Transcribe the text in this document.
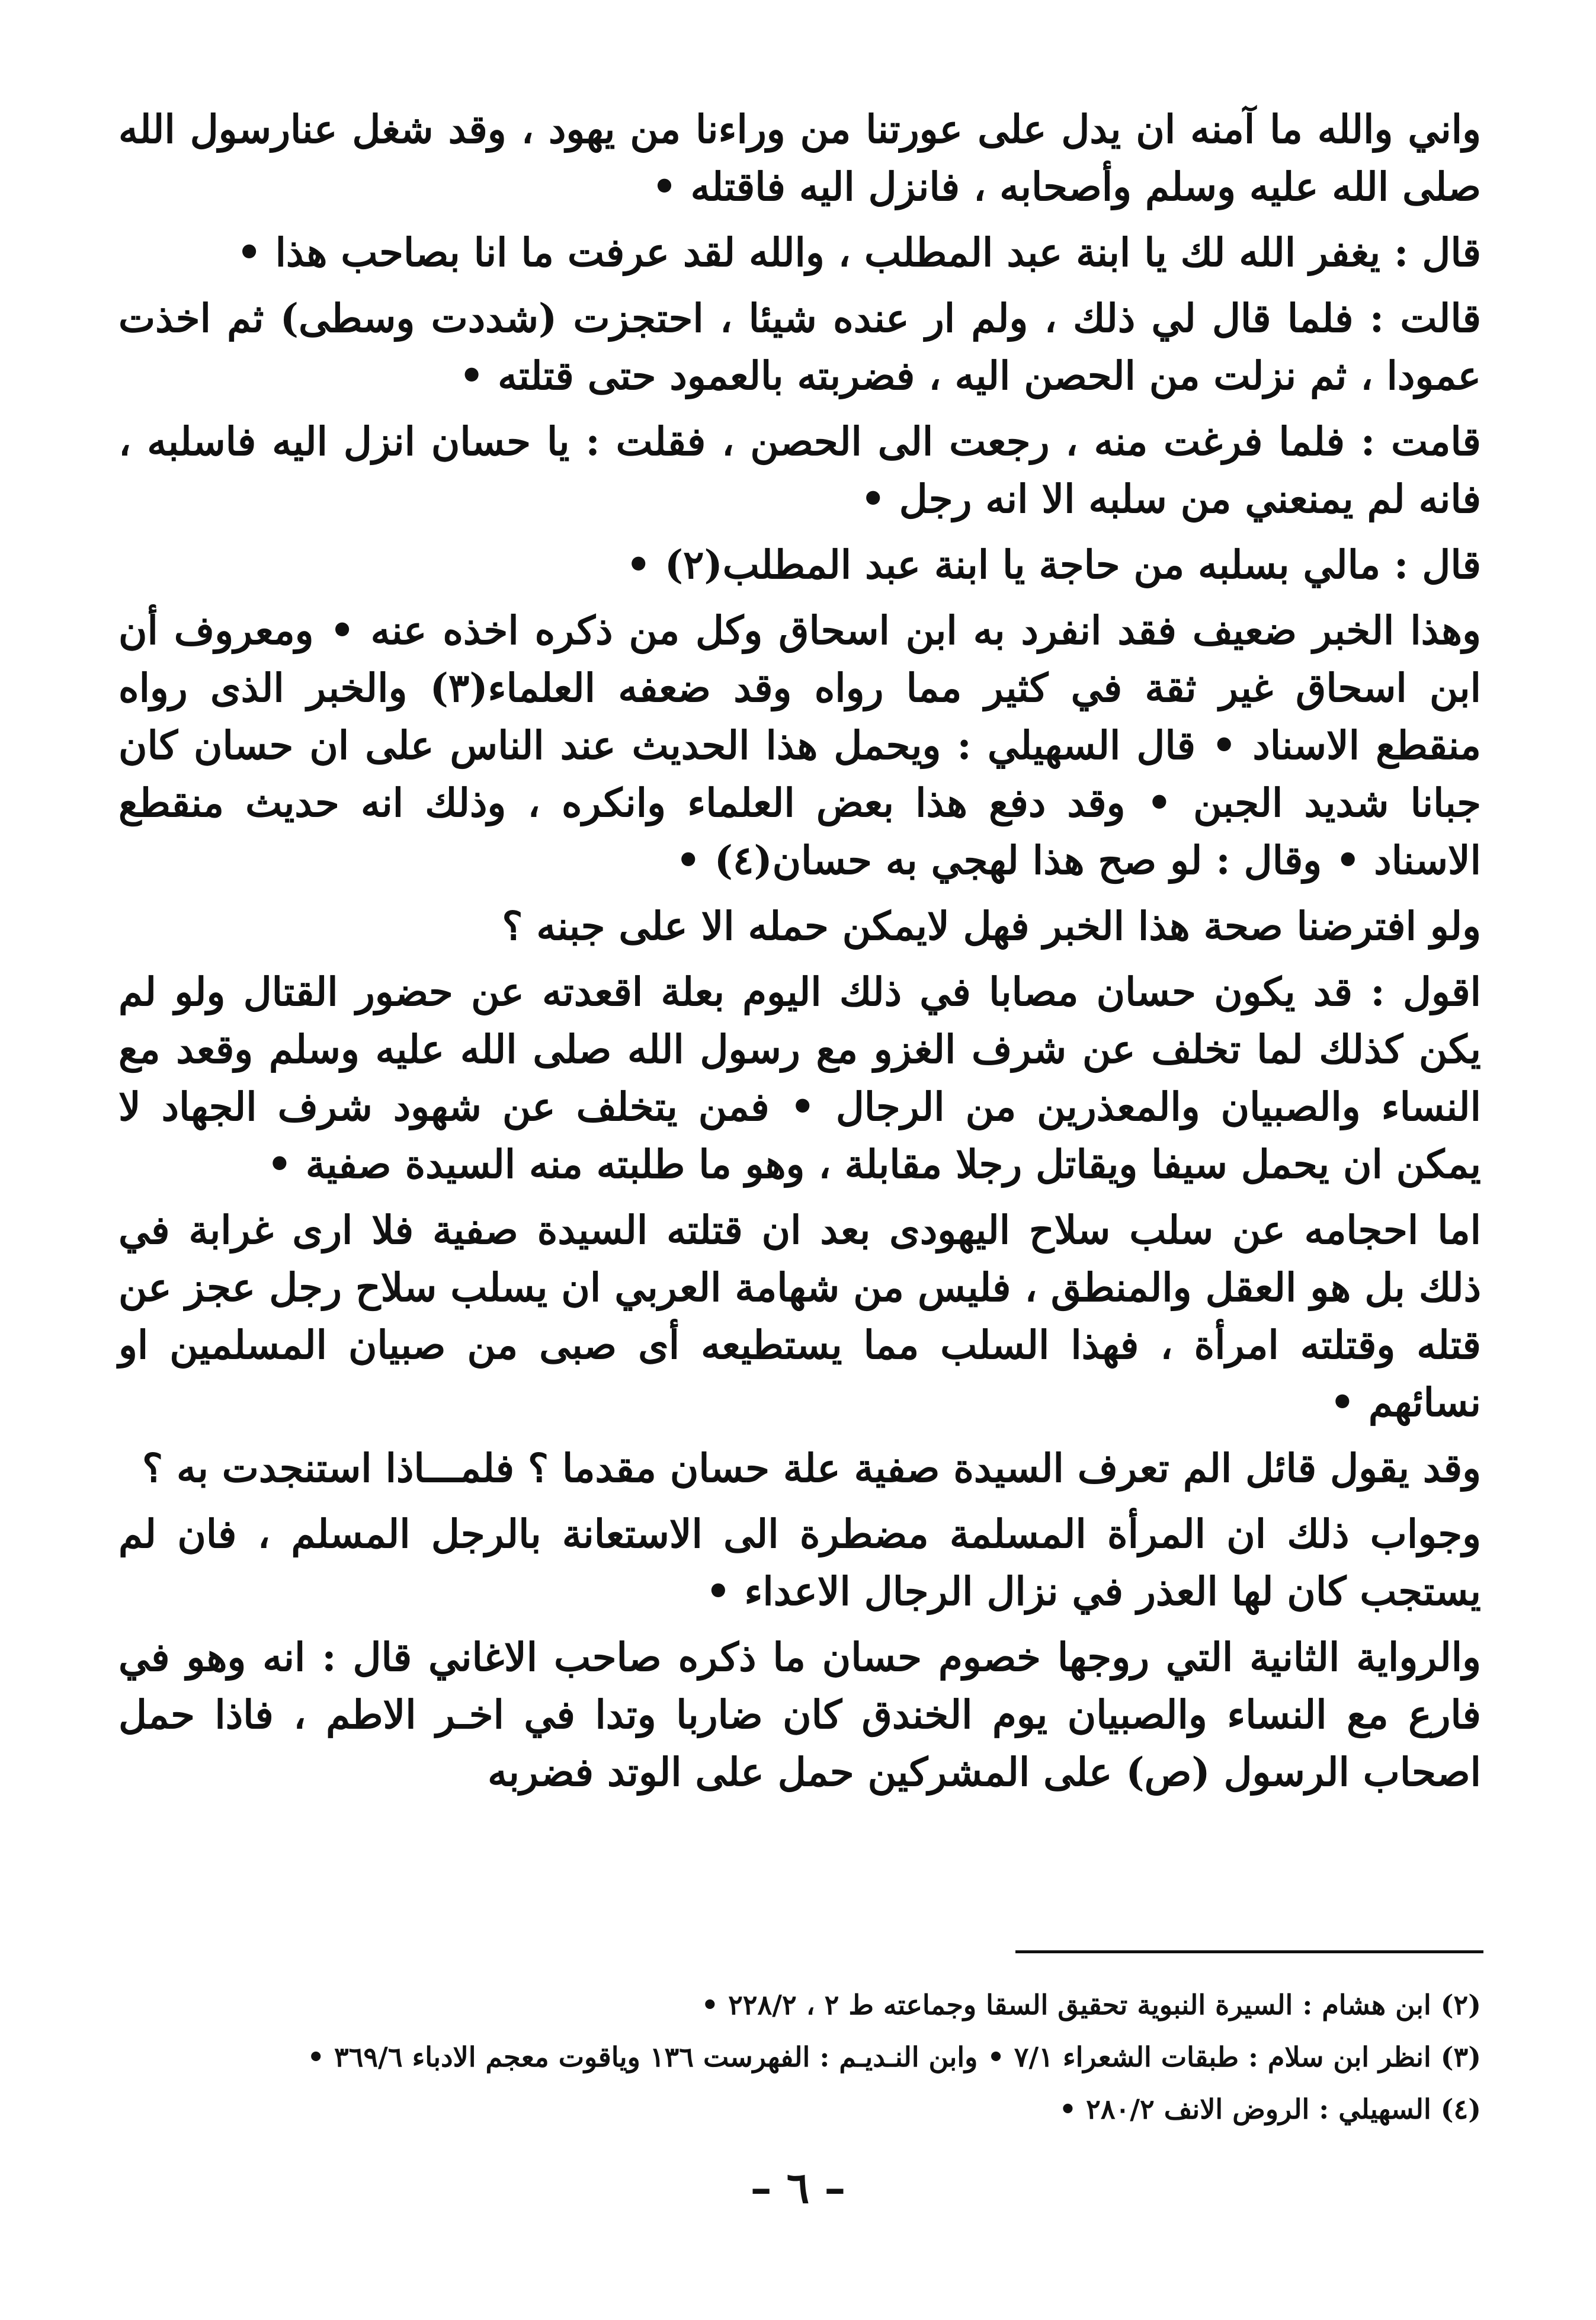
واني والله ما آمنه ان يدل على عورتنا من وراءنا من يهود ، وقد شغل عنارسول الله صلى الله عليه وسلم وأصحابه ، فانزل اليه فاقتله •

قال : يغفر الله لك يا ابنة عبد المطلب ، والله لقد عرفت ما انا بصاحب هذا •

قالت : فلما قال لي ذلك ، ولم ار عنده شيئا ، احتجزت (شددت وسطى) ثم اخذت عمودا ، ثم نزلت من الحصن اليه ، فضربته بالعمود حتى قتلته •

قامت : فلما فرغت منه ، رجعت الى الحصن ، فقلت : يا حسان انزل اليه فاسلبه ، فانه لم يمنعني من سلبه الا انه رجل •

قال : مالي بسلبه من حاجة يا ابنة عبد المطلب(٢) •

وهذا الخبر ضعيف فقد انفرد به ابن اسحاق وكل من ذكره اخذه عنه • ومعروف أن ابن اسحاق غير ثقة في كثير مما رواه وقد ضعفه العلماء(٣) والخبر الذى رواه منقطع الاسناد • قال السهيلي : ويحمل هذا الحديث عند الناس على ان حسان كان جبانا شديد الجبن • وقد دفع هذا بعض العلماء وانكره ، وذلك انه حديث منقطع الاسناد • وقال : لو صح هذا لهجي به حسان(٤) •

ولو افترضنا صحة هذا الخبر فهل لايمكن حمله الا على جبنه ؟

اقول : قد يكون حسان مصابا في ذلك اليوم بعلة اقعدته عن حضور القتال ولو لم يكن كذلك لما تخلف عن شرف الغزو مع رسول الله صلى الله عليه وسلم وقعد مع النساء والصبيان والمعذرين من الرجال • فمن يتخلف عن شهود شرف الجهاد لا يمكن ان يحمل سيفا ويقاتل رجلا مقابلة ، وهو ما طلبته منه السيدة صفية •

اما احجامه عن سلب سلاح اليهودى بعد ان قتلته السيدة صفية فلا ارى غرابة في ذلك بل هو العقل والمنطق ، فليس من شهامة العربي ان يسلب سلاح رجل عجز عن قتله وقتلته امرأة ، فهذا السلب مما يستطيعه أى صبى من صبيان المسلمين او نسائهم •

وقد يقول قائل الم تعرف السيدة صفية علة حسان مقدما ؟ فلمـــاذا استنجدت به ؟

وجواب ذلك ان المرأة المسلمة مضطرة الى الاستعانة بالرجل المسلم ، فان لم يستجب كان لها العذر في نزال الرجال الاعداء •

والرواية الثانية التي روجها خصوم حسان ما ذكره صاحب الاغاني قال : انه وهو في فارع مع النساء والصبيان يوم الخندق كان ضاربا وتدا في اخـر الاطم ، فاذا حمل اصحاب الرسول (ص) على المشركين حمل على الوتد فضربه

(٢) ابن هشام : السيرة النبوية تحقيق السقا وجماعته ط ٢ ، ٢٢٨/٢ •

(٣) انظر ابن سلام : طبقات الشعراء ٧/١ • وابن النـديـم : الفهرست ١٣٦ وياقوت معجم الادباء ٣٦٩/٦ •

(٤) السهيلي : الروض الانف ٢٨٠/٢ •

– ٦ –
